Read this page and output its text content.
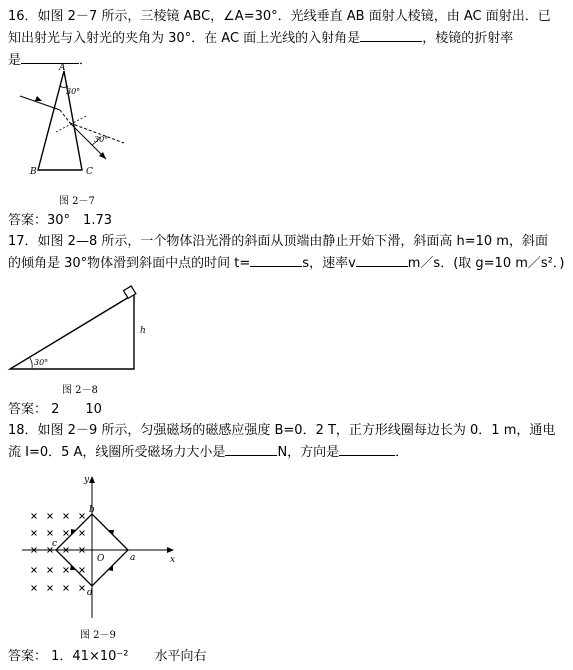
16．如图 2－7 所示，三棱镜 ABC，∠A=30°．光线垂直 AB 面射人棱镜，由 AC 面射出．已
知出射光与入射光的夹角为 30°．在 AC 面上光线的入射角是	，棱镜的折射率
是	．
A
B	C
30°
30°
图 2－7
答案：30°　1.73
17．如图 2—8 所示，一个物体沿光滑的斜面从顶端由静止开始下滑，斜面高 h=10 m，斜面
的倾角是 30°物体滑到斜面中点的时间 t=	s，速率v	m／s．(取 g=10 m／s²．)
30°
h
图 2－8
答案： 2　　10
18．如图 2－9 所示，匀强磁场的磁感应强度 B=0．2 T，正方形线圈每边长为 0．1 m，通电
流 I=0．5 A，线圈所受磁场力大小是	N，方向是	．
y
x
O	a
b
c
d
图 2－9
答案： 1．41×10⁻²　　水平向右
